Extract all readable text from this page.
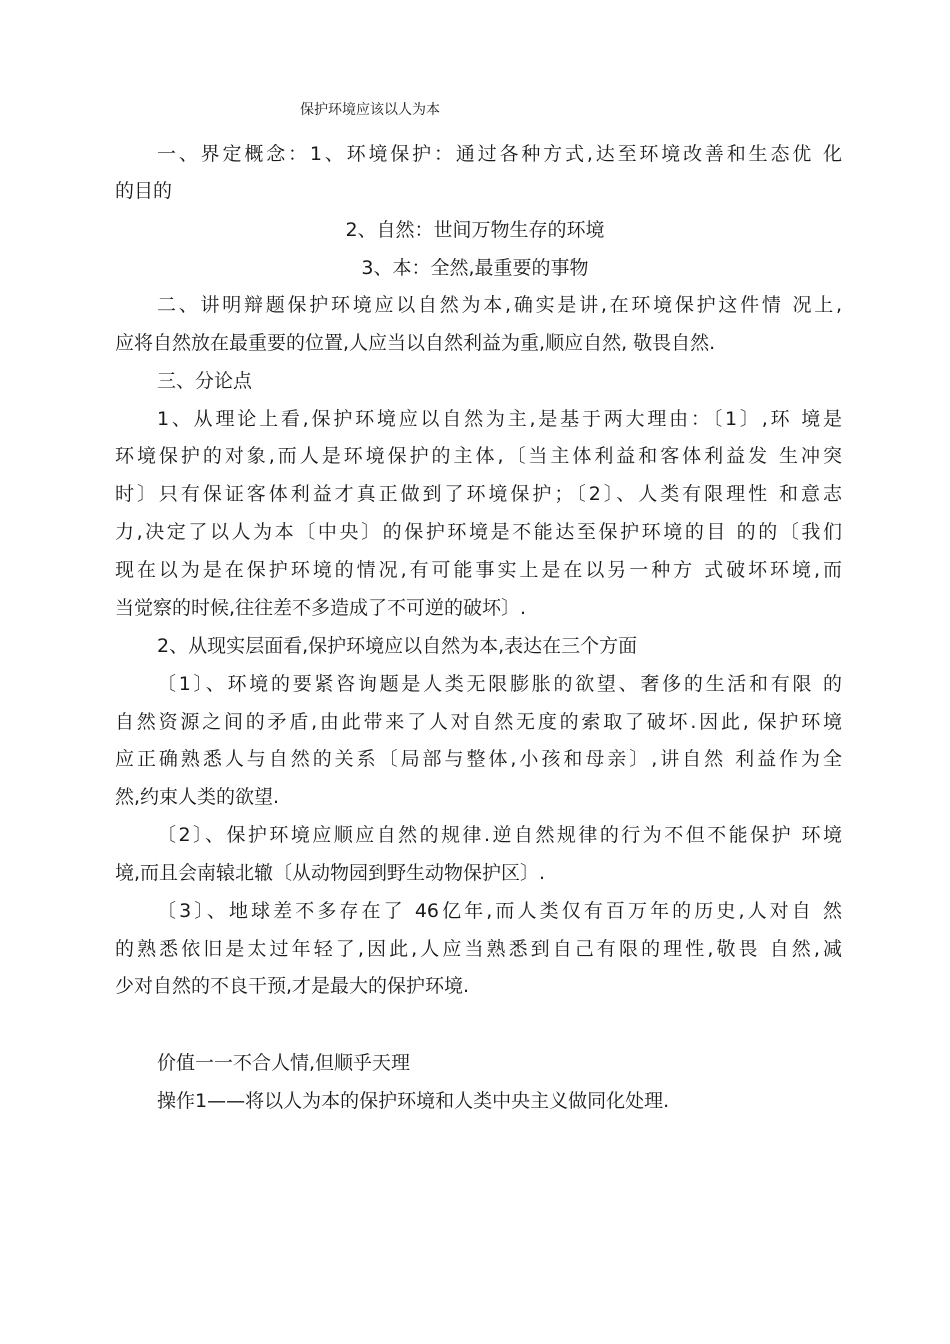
保护环境应该以人为本
一、界定概念：1、环境保护：通过各种方式,达至环境改善和生态优 化
的目的
2、自然：世间万物生存的环境
3、本：全然,最重要的事物
二、讲明辩题保护环境应以自然为本,确实是讲,在环境保护这件情 况上,
应将自然放在最重要的位置,人应当以自然利益为重,顺应自然, 敬畏自然.
三、分论点
1、从理论上看,保护环境应以自然为主,是基于两大理由：〔1〕,环 境是
环境保护的对象,而人是环境保护的主体,〔当主体利益和客体利益发 生冲突
时〕只有保证客体利益才真正做到了环境保护；〔2〕、人类有限理性 和意志
力,决定了以人为本〔中央〕的保护环境是不能达至保护环境的目 的的〔我们
现在以为是在保护环境的情况,有可能事实上是在以另一种方 式破坏环境,而
当觉察的时候,往往差不多造成了不可逆的破坏〕.
2、从现实层面看,保护环境应以自然为本,表达在三个方面
〔1〕、环境的要紧咨询题是人类无限膨胀的欲望、奢侈的生活和有限 的
自然资源之间的矛盾,由此带来了人对自然无度的索取了破坏.因此, 保护环境
应正确熟悉人与自然的关系〔局部与整体,小孩和母亲〕,讲自然 利益作为全
然,约束人类的欲望.
〔2〕、保护环境应顺应自然的规律.逆自然规律的行为不但不能保护 环境
境,而且会南辕北辙〔从动物园到野生动物保护区〕.
〔3〕、地球差不多存在了 46亿年,而人类仅有百万年的历史,人对自 然
的熟悉依旧是太过年轻了,因此,人应当熟悉到自己有限的理性,敬畏 自然,减
少对自然的不良干预,才是最大的保护环境.
价值一一不合人情,但顺乎天理
操作1——将以人为本的保护环境和人类中央主义做同化处理.
